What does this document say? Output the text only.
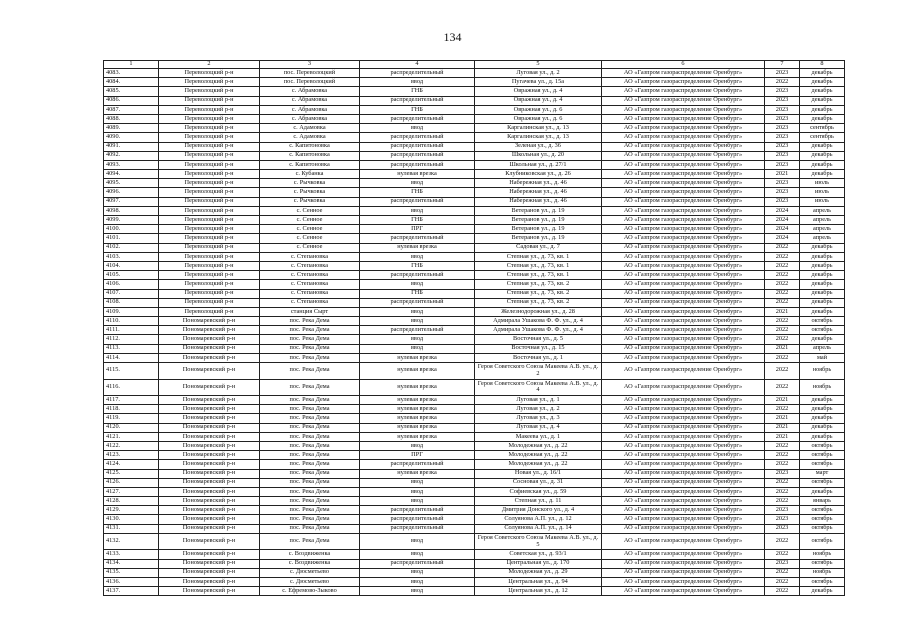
134
1	2	3	4	5	6	7	8
4083.	Переволоцкий р-н	пос. Переволоцкий	распределительный	Луговая ул., д. 2	АО «Газпром газораспределение Оренбург»	2023	декабрь
4084.	Переволоцкий р-н	пос. Переволоцкий	ввод	Пугачева ул., д. 15а	АО «Газпром газораспределение Оренбург»	2022	декабрь
4085.	Переволоцкий р-н	с. Абрамовка	ГНБ	Овражная ул., д. 4	АО «Газпром газораспределение Оренбург»	2023	декабрь
4086.	Переволоцкий р-н	с. Абрамовка	распределительный	Овражная ул., д. 4	АО «Газпром газораспределение Оренбург»	2023	декабрь
4087.	Переволоцкий р-н	с. Абрамовка	ГНБ	Овражная ул., д. 6	АО «Газпром газораспределение Оренбург»	2023	декабрь
4088.	Переволоцкий р-н	с. Абрамовка	распределительный	Овражная ул., д. 6	АО «Газпром газораспределение Оренбург»	2023	декабрь
4089.	Переволоцкий р-н	с. Адамовка	ввод	Каргалинская ул., д. 13	АО «Газпром газораспределение Оренбург»	2023	сентябрь
4090.	Переволоцкий р-н	с. Адамовка	распределительный	Каргалинская ул., д. 13	АО «Газпром газораспределение Оренбург»	2023	сентябрь
4091.	Переволоцкий р-н	с. Капитоновка	распределительный	Зеленая ул., д. 36	АО «Газпром газораспределение Оренбург»	2023	декабрь
4092.	Переволоцкий р-н	с. Капитоновка	распределительный	Школьная ул., д. 20	АО «Газпром газораспределение Оренбург»	2023	декабрь
4093.	Переволоцкий р-н	с. Капитоновка	распределительный	Школьная ул., д. 27/1	АО «Газпром газораспределение Оренбург»	2023	декабрь
4094.	Переволоцкий р-н	с. Кубанка	нулевая врезка	Клубниковская ул., д. 26	АО «Газпром газораспределение Оренбург»	2021	декабрь
4095.	Переволоцкий р-н	с. Рычковка	ввод	Набережная ул., д. 46	АО «Газпром газораспределение Оренбург»	2023	июль
4096.	Переволоцкий р-н	с. Рычковка	ГНБ	Набережная ул., д. 46	АО «Газпром газораспределение Оренбург»	2023	июль
4097.	Переволоцкий р-н	с. Рычковка	распределительный	Набережная ул., д. 46	АО «Газпром газораспределение Оренбург»	2023	июль
4098.	Переволоцкий р-н	с. Сенное	ввод	Ветеранов ул., д. 19	АО «Газпром газораспределение Оренбург»	2024	апрель
4099.	Переволоцкий р-н	с. Сенное	ГНБ	Ветеранов ул., д. 19	АО «Газпром газораспределение Оренбург»	2024	апрель
4100.	Переволоцкий р-н	с. Сенное	ПРГ	Ветеранов ул., д. 19	АО «Газпром газораспределение Оренбург»	2024	апрель
4101.	Переволоцкий р-н	с. Сенное	распределительный	Ветеранов ул., д. 19	АО «Газпром газораспределение Оренбург»	2024	апрель
4102.	Переволоцкий р-н	с. Сенное	нулевая врезка	Садовая ул., д. 7	АО «Газпром газораспределение Оренбург»	2022	декабрь
4103.	Переволоцкий р-н	с. Степановка	ввод	Степная ул., д. 73, кв. 1	АО «Газпром газораспределение Оренбург»	2022	декабрь
4104.	Переволоцкий р-н	с. Степановка	ГНБ	Степная ул., д. 73, кв. 1	АО «Газпром газораспределение Оренбург»	2022	декабрь
4105.	Переволоцкий р-н	с. Степановка	распределительный	Степная ул., д. 73, кв. 1	АО «Газпром газораспределение Оренбург»	2022	декабрь
4106.	Переволоцкий р-н	с. Степановка	ввод	Степная ул., д. 73, кв. 2	АО «Газпром газораспределение Оренбург»	2022	декабрь
4107.	Переволоцкий р-н	с. Степановка	ГНБ	Степная ул., д. 73, кв. 2	АО «Газпром газораспределение Оренбург»	2022	декабрь
4108.	Переволоцкий р-н	с. Степановка	распределительный	Степная ул., д. 73, кв. 2	АО «Газпром газораспределение Оренбург»	2022	декабрь
4109.	Переволоцкий р-н	станция Сырт	ввод	Железнодорожная ул., д. 28	АО «Газпром газораспределение Оренбург»	2021	декабрь
4110.	Пономаревский р-н	пос. Река Дема	ввод	Адмирала Ушакова Ф. Ф. ул., д. 4	АО «Газпром газораспределение Оренбург»	2022	октябрь
4111.	Пономаревский р-н	пос. Река Дема	распределительный	Адмирала Ушакова Ф. Ф. ул., д. 4	АО «Газпром газораспределение Оренбург»	2022	октябрь
4112.	Пономаревский р-н	пос. Река Дема	ввод	Восточная ул., д. 5	АО «Газпром газораспределение Оренбург»	2022	декабрь
4113.	Пономаревский р-н	пос. Река Дема	ввод	Восточная ул., д. 15	АО «Газпром газораспределение Оренбург»	2021	апрель
4114.	Пономаревский р-н	пос. Река Дема	нулевая врезка	Восточная ул., д. 1	АО «Газпром газораспределение Оренбург»	2022	май
4115.	Пономаревский р-н	пос. Река Дема	нулевая врезка	Героя Советского Союза Макеева А.В. ул., д. 2	АО «Газпром газораспределение Оренбург»	2022	ноябрь
4116.	Пономаревский р-н	пос. Река Дема	нулевая врезка	Героя Советского Союза Макеева А.В. ул., д. 4	АО «Газпром газораспределение Оренбург»	2022	ноябрь
4117.	Пономаревский р-н	пос. Река Дема	нулевая врезка	Луговая ул., д. 1	АО «Газпром газораспределение Оренбург»	2021	декабрь
4118.	Пономаревский р-н	пос. Река Дема	нулевая врезка	Луговая ул., д. 2	АО «Газпром газораспределение Оренбург»	2022	декабрь
4119.	Пономаревский р-н	пос. Река Дема	нулевая врезка	Луговая ул., д. 3	АО «Газпром газораспределение Оренбург»	2021	декабрь
4120.	Пономаревский р-н	пос. Река Дема	нулевая врезка	Луговая ул., д. 4	АО «Газпром газораспределение Оренбург»	2021	декабрь
4121.	Пономаревский р-н	пос. Река Дема	нулевая врезка	Макеева ул., д. 1	АО «Газпром газораспределение Оренбург»	2021	декабрь
4122.	Пономаревский р-н	пос. Река Дема	ввод	Молодежная ул., д. 22	АО «Газпром газораспределение Оренбург»	2022	октябрь
4123.	Пономаревский р-н	пос. Река Дема	ПРГ	Молодежная ул., д. 22	АО «Газпром газораспределение Оренбург»	2022	октябрь
4124.	Пономаревский р-н	пос. Река Дема	распределительный	Молодежная ул., д. 22	АО «Газпром газораспределение Оренбург»	2022	октябрь
4125.	Пономаревский р-н	пос. Река Дема	нулевая врезка	Новая ул., д. 16/1	АО «Газпром газораспределение Оренбург»	2023	март
4126.	Пономаревский р-н	пос. Река Дема	ввод	Сосновая ул., д. 31	АО «Газпром газораспределение Оренбург»	2022	октябрь
4127.	Пономаревский р-н	пос. Река Дема	ввод	Софиевская ул., д. 59	АО «Газпром газораспределение Оренбург»	2022	декабрь
4128.	Пономаревский р-н	пос. Река Дема	ввод	Степная ул., д. 11	АО «Газпром газораспределение Оренбург»	2022	январь
4129.	Пономаревский р-н	пос. Река Дема	распределительный	Дмитрия Донского ул., д. 4	АО «Газпром газораспределение Оренбург»	2023	октябрь
4130.	Пономаревский р-н	пос. Река Дема	распределительный	Солуянова А.П. ул., д. 12	АО «Газпром газораспределение Оренбург»	2023	октябрь
4131.	Пономаревский р-н	пос. Река Дема	распределительный	Солуянова А.П. ул., д. 14	АО «Газпром газораспределение Оренбург»	2023	октябрь
4132.	Пономаревский р-н	пос. Река Дема	ввод	Героя Советского Союза Макеева А.В. ул., д. 5	АО «Газпром газораспределение Оренбург»	2022	октябрь
4133.	Пономаревский р-н	с. Воздвиженка	ввод	Советская ул., д. 93/1	АО «Газпром газораспределение Оренбург»	2022	ноябрь
4134.	Пономаревский р-н	с. Воздвиженка	распределительный	Центральная ул., д. 170	АО «Газпром газораспределение Оренбург»	2023	октябрь
4135.	Пономаревский р-н	с. Дюсметьево	ввод	Молодежная ул., д. 29	АО «Газпром газораспределение Оренбург»	2022	ноябрь
4136.	Пономаревский р-н	с. Дюсметьево	ввод	Центральная ул., д. 94	АО «Газпром газораспределение Оренбург»	2022	октябрь
4137.	Пономаревский р-н	с. Ефремово-Зыково	ввод	Центральная ул., д. 12	АО «Газпром газораспределение Оренбург»	2022	декабрь
